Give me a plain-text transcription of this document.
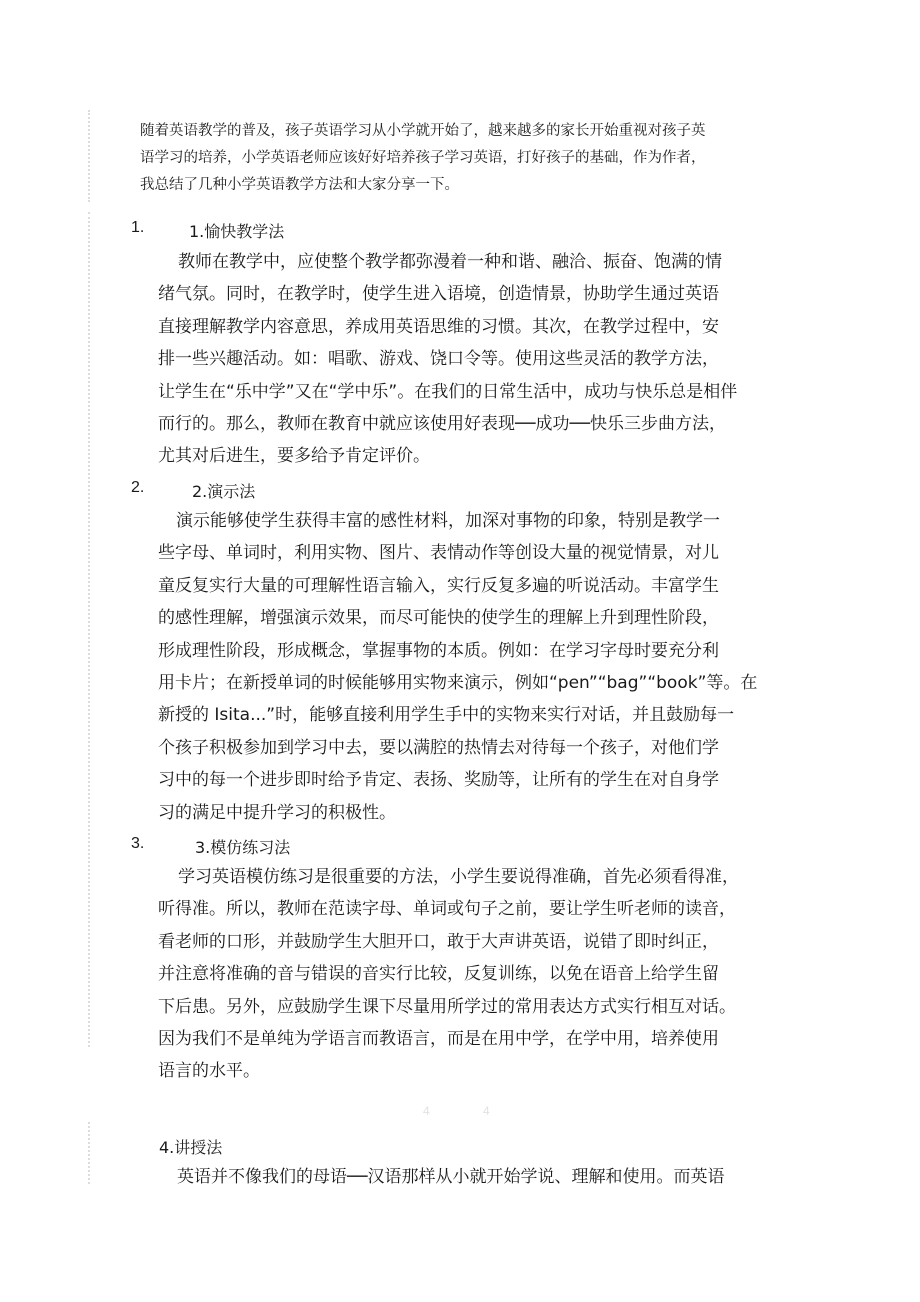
随着英语教学的普及，孩子英语学习从小学就开始了，越来越多的家长开始重视对孩子英

语学习的培养，小学英语老师应该好好培养孩子学习英语，打好孩子的基础，作为作者，

我总结了几种小学英语教学方法和大家分享一下。

1.	1.愉快教学法

教师在教学中，应使整个教学都弥漫着一种和谐、融洽、振奋、饱满的情

绪气氛。同时，在教学时，使学生进入语境，创造情景，协助学生通过英语

直接理解教学内容意思，养成用英语思维的习惯。其次，在教学过程中，安

排一些兴趣活动。如：唱歌、游戏、饶口令等。使用这些灵活的教学方法，

让学生在“乐中学”又在“学中乐”。在我们的日常生活中，成功与快乐总是相伴

而行的。那么，教师在教育中就应该使用好表现──成功──快乐三步曲方法，

尤其对后进生，要多给予肯定评价。

2.	2.演示法

演示能够使学生获得丰富的感性材料，加深对事物的印象，特别是教学一

些字母、单词时，利用实物、图片、表情动作等创设大量的视觉情景，对儿

童反复实行大量的可理解性语言输入，实行反复多遍的听说活动。丰富学生

的感性理解，增强演示效果，而尽可能快的使学生的理解上升到理性阶段，

形成理性阶段，形成概念，掌握事物的本质。例如：在学习字母时要充分利

用卡片；在新授单词的时候能够用实物来演示，例如“pen”“bag”“book”等。在

新授的 Isita...”时，能够直接利用学生手中的实物来实行对话，并且鼓励每一

个孩子积极参加到学习中去，要以满腔的热情去对待每一个孩子，对他们学

习中的每一个进步即时给予肯定、表扬、奖励等，让所有的学生在对自身学

习的满足中提升学习的积极性。

3.	3.模仿练习法

学习英语模仿练习是很重要的方法，小学生要说得准确，首先必须看得准，

听得准。所以，教师在范读字母、单词或句子之前，要让学生听老师的读音，

看老师的口形，并鼓励学生大胆开口，敢于大声讲英语，说错了即时纠正，

并注意将准确的音与错误的音实行比较，反复训练，以免在语音上给学生留

下后患。另外，应鼓励学生课下尽量用所学过的常用表达方式实行相互对话。

因为我们不是单纯为学语言而教语言，而是在用中学，在学中用，培养使用

语言的水平。

4	4
4.讲授法

英语并不像我们的母语──汉语那样从小就开始学说、理解和使用。而英语
